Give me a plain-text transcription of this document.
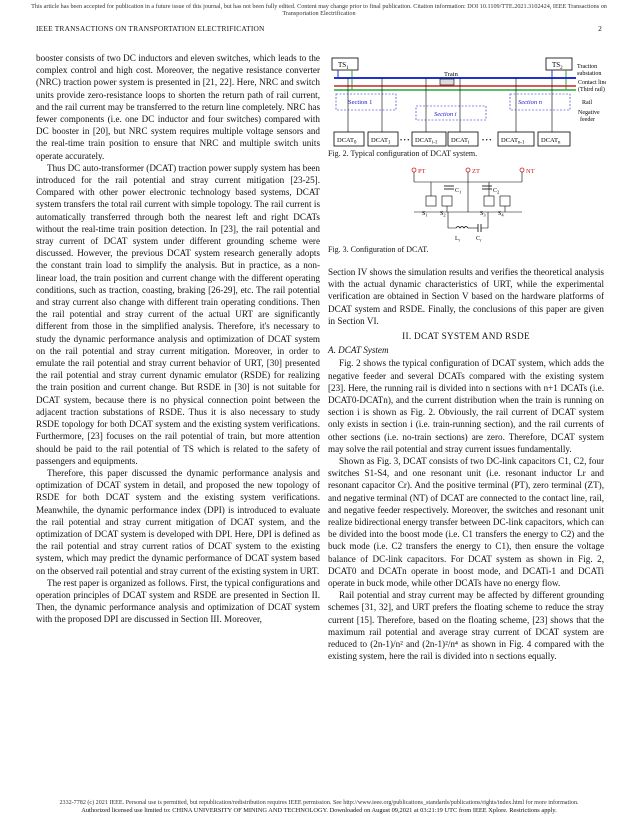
This article has been accepted for publication in a future issue of this journal, but has not been fully edited. Content may change prior to final publication. Citation information: DOI 10.1109/TTE.2021.3102424, IEEE Transactions on Transportation Electrification
IEEE TRANSACTIONS ON TRANSPORTATION ELECTRIFICATION	2

booster consists of two DC inductors and eleven switches, which leads to the complex control and high cost. Moreover, the negative resistance converter (NRC) traction power system is presented in [21, 22]. Here, NRC and switch units provide zero-resistance loops to shorten the return path of rail current, and the rail current may be transferred to the return line completely. NRC has fewer components (i.e. one DC inductor and four switches) compared with DC booster in [20], but NRC system requires multiple voltage sensors and the real-time train position to ensure that NRC and multiple switch units operate accurately.

Thus DC auto-transformer (DCAT) traction power supply system has been introduced for the rail potential and stray current mitigation [23-25]. Compared with other power electronic technology based systems, DCAT system transfers the total rail current with simple topology. The rail current is automatically transferred through both the nearest left and right DCATs without the real-time train position detection. In [23], the rail potential and stray current of DCAT system under different grounding scheme were discussed. However, the previous DCAT system research generally adopts the constant train load to simplify the analysis. But in practice, as a non-linear load, the train position and current change with the different operating conditions, such as traction, coasting, braking [26-29], etc. The rail potential and stray current also change with different train operating conditions. Then the rail potential and stray current of the actual URT are significantly different from those in the simplified analysis. Therefore, it's necessary to study the dynamic performance analysis and optimization of DCAT system on the rail potential and stray current mitigation. Moreover, in order to emulate the rail potential and stray current behavior of URT, [30] presented the rail potential and stray current dynamic emulator (RSDE) for realizing the train position and current change. But RSDE in [30] is not suitable for DCAT system, because there is no physical connection point between the adjacent traction substations of RSDE. Thus it is also necessary to study RSDE topology for both DCAT system and the existing system verifications. Furthermore, [23] focuses on the rail potential of train, but more attention should be paid to the rail potential of TS which is related to the safety of passengers and equipments.

Therefore, this paper discussed the dynamic performance analysis and optimization of DCAT system in detail, and proposed the new topology of RSDE for both DCAT system and the existing system verifications. Meanwhile, the dynamic performance index (DPI) is introduced to evaluate the rail potential and stray current mitigation of DCAT system, and the optimization of DCAT system is developed with DPI. Here, DPI is defined as the rail potential and stray current ratios of DCAT system to the existing system, which may predict the dynamic performance of DCAT system based on the observed rail potential and stray current of the existing system in URT.

The rest paper is organized as follows. First, the typical configurations and operation principles of DCAT system and RSDE are presented in Section II. Then, the dynamic performance analysis and optimization of DCAT system with the proposed DPI are discussed in Section III. Moreover,

$TS_1$	$TS_2$
Train
Section 1
Section i
Section n
$DCAT_0$ $DCAT_1$ • • • $DCAT_{i-1}$ $DCAT_i$ • • • $DCAT_{n-1}$	$DCAT_n$
Traction
substation
Contact line
(Third rail)
Rail
Negative
feeder
Fig. 2. Typical configuration of DCAT system.
PT	ZT	NT
$C_1$	$C_2$
$S_1$ $S_2$	$S_3$ $S_4$
$L_r$	$C_r$
Fig. 3. Configuration of DCAT.

Section IV shows the simulation results and verifies the theoretical analysis with the actual dynamic characteristics of URT, while the experimental verification are obtained in Section V based on the hardware platforms of DCAT system and RSDE. Finally, the conclusions of this paper are given in Section VI.

II. DCAT SYSTEM AND RSDE
A. DCAT System

Fig. 2 shows the typical configuration of DCAT system, which adds the negative feeder and several DCATs compared with the existing system [23]. Here, the running rail is divided into n sections with n+1 DCATs (i.e. DCAT0-DCATn), and the current distribution when the train is running on section i is shown as Fig. 2. Obviously, the rail current of DCAT system only exists in section i (i.e. train-running section), and the rail currents of other sections (i.e. no-train sections) are zero. Therefore, DCAT system may solve the rail potential and stray current issues fundamentally.

Shown as Fig. 3, DCAT consists of two DC-link capacitors C1, C2, four switches S1-S4, and one resonant unit (i.e. resonant inductor Lr and resonant capacitor Cr). And the positive terminal (PT), zero terminal (ZT), and negative terminal (NT) of DCAT are connected to the contact line, rail, and negative feeder respectively. Moreover, the switches and resonant unit realize bidirectional energy transfer between DC-link capacitors, which can be divided into the boost mode (i.e. C1 transfers the energy to C2) and the buck mode (i.e. C2 transfers the energy to C1), then ensure the voltage balance of DC-link capacitors. For DCAT system as shown in Fig. 2, DCAT0 and DCATn operate in boost mode, and DCATi-1 and DCATi operate in buck mode, while other DCATs have no energy flow.

Rail potential and stray current may be affected by different grounding schemes [31, 32], and URT prefers the floating scheme to reduce the stray current [15]. Therefore, based on the floating scheme, [23] shows that the maximum rail potential and average stray current of DCAT system are reduced to (2n-1)/n² and (2n-1)²/n⁴ as shown in Fig. 4 compared with the existing system, here the rail is divided into n sections equally.

2332-7782 (c) 2021 IEEE. Personal use is permitted, but republication/redistribution requires IEEE permission. See http://www.ieee.org/publications_standards/publications/rights/index.html for more information.
Authorized licensed use limited to: CHINA UNIVERSITY OF MINING AND TECHNOLOGY. Downloaded on August 09,2021 at 03:21:19 UTC from IEEE Xplore. Restrictions apply.
